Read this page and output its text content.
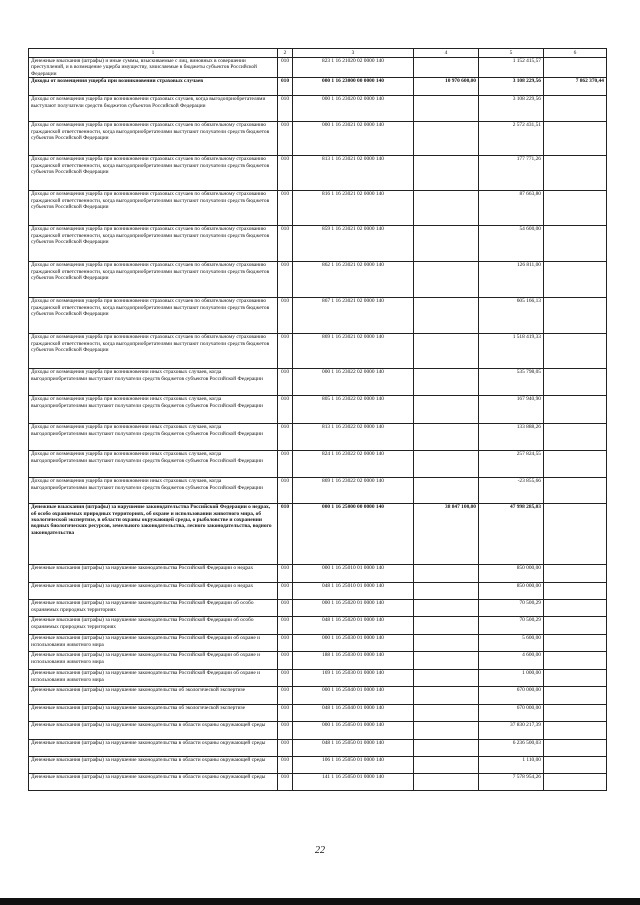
1	2	3	4	5	6
Денежные взыскания (штрафы) и иные суммы, взыскиваемые с лиц, виновных в совершении преступлений, и в возмещение ущерба имуществу, зачисляемые в бюджеты субъектов Российской Федерации	010	823 1 16 21020 02 0000 140		1 152 415,57	
Доходы от возмещения ущерба при возникновении страховых случаев	010	000 1 16 23000 00 0000 140	10 970 600,00	3 108 229,56	7 862 370,44
Доходы от возмещения ущерба при возникновении страховых случаев, когда выгодоприобретателями выступают получатели средств бюджетов субъектов Российской Федерации	010	000 1 16 23020 02 0000 140		3 108 229,56	
Доходы от возмещения ущерба при возникновении страховых случаев по обязательному страхованию гражданской ответственности, когда выгодоприобретателями выступают получатели средств бюджетов субъектов Российской Федерации	010	000 1 16 23021 02 0000 140		2 572 431,51	
Доходы от возмещения ущерба при возникновении страховых случаев по обязательному страхованию гражданской ответственности, когда выгодоприобретателями выступают получатели средств бюджетов субъектов Российской Федерации	010	813 1 16 23021 02 0000 140		177 771,26	
Доходы от возмещения ущерба при возникновении страховых случаев по обязательному страхованию гражданской ответственности, когда выгодоприобретателями выступают получатели средств бюджетов субъектов Российской Федерации	010	816 1 16 23021 02 0000 140		87 663,80	
Доходы от возмещения ущерба при возникновении страховых случаев по обязательному страхованию гражданской ответственности, когда выгодоприобретателями выступают получатели средств бюджетов субъектов Российской Федерации	010	859 1 16 23021 02 0000 140		54 600,00	
Доходы от возмещения ущерба при возникновении страховых случаев по обязательному страхованию гражданской ответственности, когда выгодоприобретателями выступают получатели средств бюджетов субъектов Российской Федерации	010	862 1 16 23021 02 0000 140		126 811,00	
Доходы от возмещения ущерба при возникновении страховых случаев по обязательному страхованию гражданской ответственности, когда выгодоприобретателями выступают получатели средств бюджетов субъектов Российской Федерации	010	867 1 16 23021 02 0000 140		605 166,13	
Доходы от возмещения ущерба при возникновении страховых случаев по обязательному страхованию гражданской ответственности, когда выгодоприобретателями выступают получатели средств бюджетов субъектов Российской Федерации	010	869 1 16 23021 02 0000 140		1 518 419,33	
Доходы от возмещения ущерба при возникновении иных страховых случаев, когда выгодоприобретателями выступают получатели средств бюджетов субъектов Российской Федерации	010	000 1 16 23022 02 0000 140		535 798,05	
Доходы от возмещения ущерба при возникновении иных страховых случаев, когда выгодоприобретателями выступают получатели средств бюджетов субъектов Российской Федерации	010	805 1 16 23022 02 0000 140		167 940,90	
Доходы от возмещения ущерба при возникновении иных страховых случаев, когда выгодоприобретателями выступают получатели средств бюджетов субъектов Российской Федерации	010	813 1 16 23022 02 0000 140		133 888,26	
Доходы от возмещения ущерба при возникновении иных страховых случаев, когда выгодоприобретателями выступают получатели средств бюджетов субъектов Российской Федерации	010	824 1 16 23022 02 0000 140		257 824,55	
Доходы от возмещения ущерба при возникновении иных страховых случаев, когда выгодоприобретателями выступают получатели средств бюджетов субъектов Российской Федерации	010	869 1 16 23022 02 0000 140		-23 855,66	
Денежные взыскания (штрафы) за нарушение законодательства Российской Федерации о недрах, об особо охраняемых природных территориях, об охране и использовании животного мира, об экологической экспертизе, в области охраны окружающей среды, о рыболовстве и сохранении водных биологических ресурсов, земельного законодательства, лесного законодательства, водного законодательства	010	000 1 16 25000 00 0000 140	38 847 100,00	47 998 285,03	
Денежные взыскания (штрафы) за нарушение законодательства Российской Федерации о недрах	010	000 1 16 25010 01 0000 140		850 000,00	
Денежные взыскания (штрафы) за нарушение законодательства Российской Федерации о недрах	010	048 1 16 25010 01 0000 140		850 000,00	
Денежные взыскания (штрафы) за нарушение законодательства Российской Федерации об особо охраняемых природных территориях	010	000 1 16 25020 01 0000 140		70 500,29	
Денежные взыскания (штрафы) за нарушение законодательства Российской Федерации об особо охраняемых природных территориях	010	048 1 16 25020 01 0000 140		70 500,29	
Денежные взыскания (штрафы) за нарушение законодательства Российской Федерации об охране и использовании животного мира	010	000 1 16 25030 01 0000 140		5 600,00	
Денежные взыскания (штрафы) за нарушение законодательства Российской Федерации об охране и использовании животного мира	010	188 1 16 25030 01 0000 140		4 600,00	
Денежные взыскания (штрафы) за нарушение законодательства Российской Федерации об охране и использовании животного мира	010	169 1 16 25030 01 0000 140		1 000,00	
Денежные взыскания (штрафы) за нарушение законодательства об экологической экспертизе	010	000 1 16 25040 01 0000 140		670 000,00	
Денежные взыскания (штрафы) за нарушение законодательства об экологической экспертизе	010	048 1 16 25040 01 0000 140		670 000,00	
Денежные взыскания (штрафы) за нарушение законодательства в области охраны окружающей среды	010	000 1 16 25050 01 0000 140		37 830 217,39	
Денежные взыскания (штрафы) за нарушение законодательства в области охраны окружающей среды	010	048 1 16 25050 01 0000 140		6 236 500,03	
Денежные взыскания (штрафы) за нарушение законодательства в области охраны окружающей среды	010	106 1 16 25050 01 0000 140		1 110,00	
Денежные взыскания (штрафы) за нарушение законодательства в области охраны окружающей среды	010	141 1 16 25050 01 0000 140		7 578 954,26	
22
